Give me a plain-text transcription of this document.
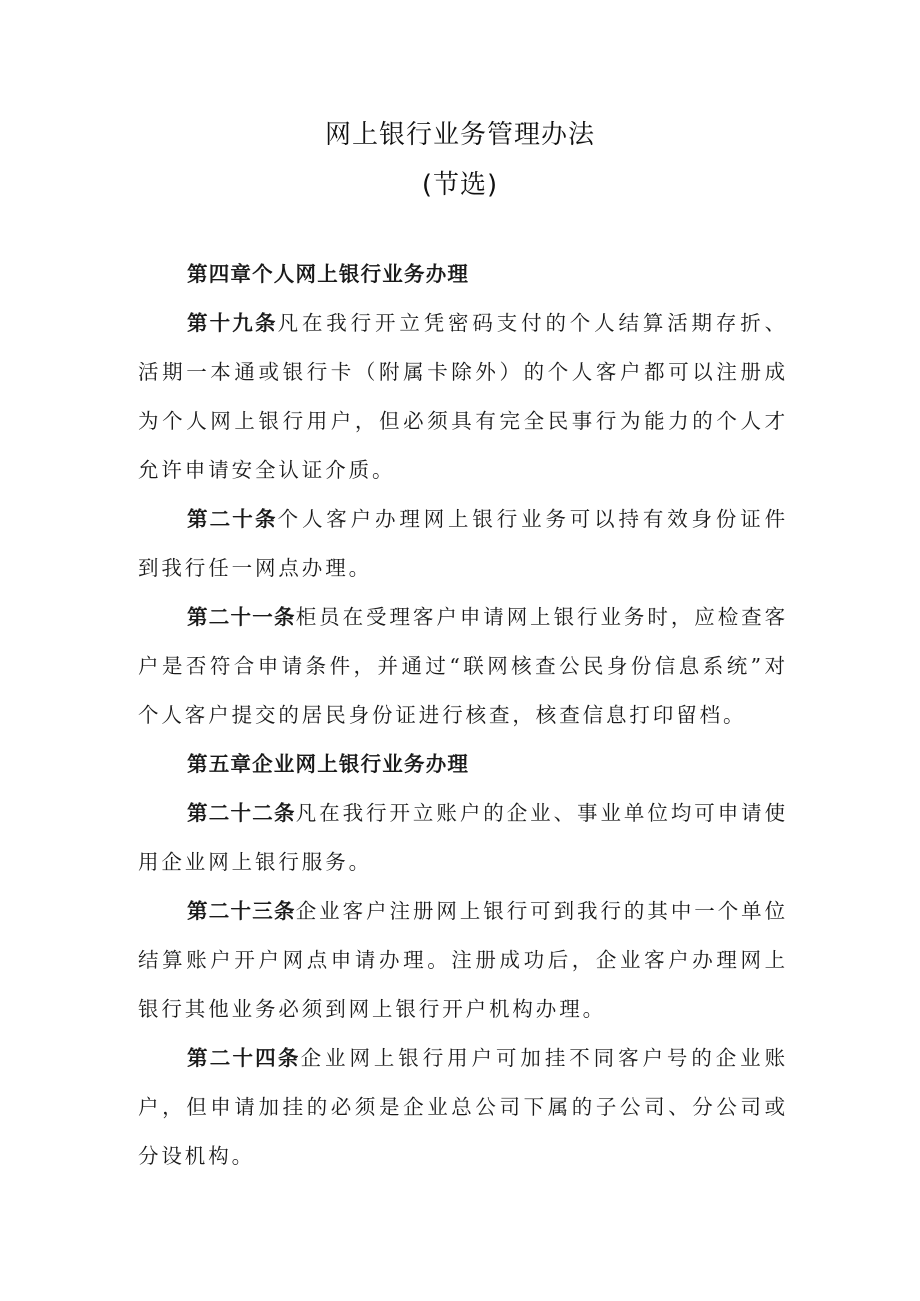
网上银行业务管理办法
(节选)

第四章个人网上银行业务办理

第十九条凡在我行开立凭密码支付的个人结算活期存折、活期一本通或银行卡（附属卡除外）的个人客户都可以注册成为个人网上银行用户，但必须具有完全民事行为能力的个人才允许申请安全认证介质。

第二十条个人客户办理网上银行业务可以持有效身份证件到我行任一网点办理。

第二十一条柜员在受理客户申请网上银行业务时，应检查客户是否符合申请条件，并通过“联网核查公民身份信息系统”对个人客户提交的居民身份证进行核查，核查信息打印留档。

第五章企业网上银行业务办理

第二十二条凡在我行开立账户的企业、事业单位均可申请使用企业网上银行服务。

第二十三条企业客户注册网上银行可到我行的其中一个单位结算账户开户网点申请办理。注册成功后，企业客户办理网上银行其他业务必须到网上银行开户机构办理。

第二十四条企业网上银行用户可加挂不同客户号的企业账户，但申请加挂的必须是企业总公司下属的子公司、分公司或分设机构。
